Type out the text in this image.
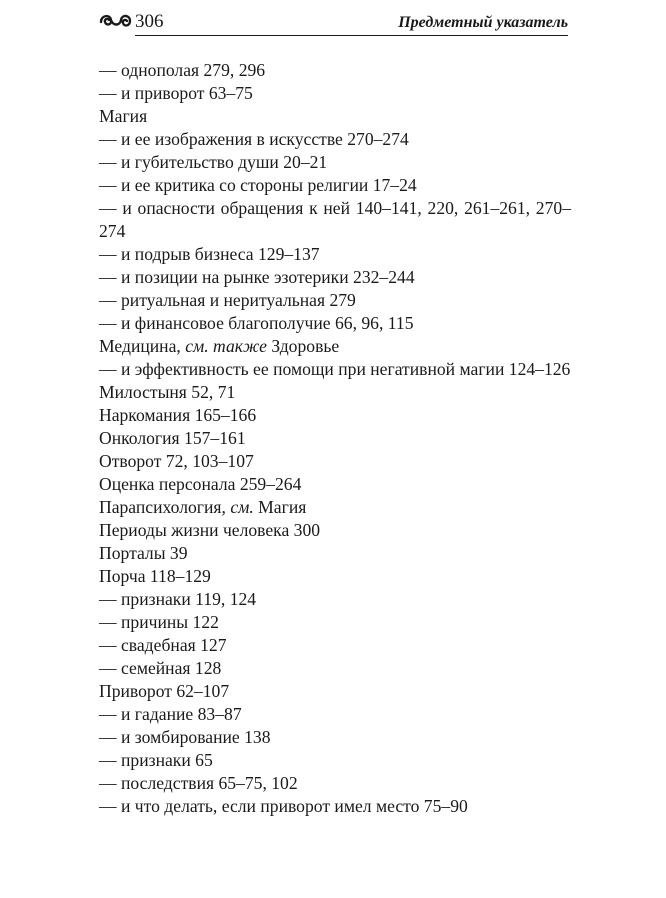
306	Предметный указатель
— однополая 279, 296
— и приворот 63–75
Магия
— и ее изображения в искусстве 270–274
— и губительство души 20–21
— и ее критика со стороны религии 17–24
— и опасности обращения к ней 140–141, 220, 261–261, 270–274
— и подрыв бизнеса 129–137
— и позиции на рынке эзотерики 232–244
— ритуальная и неритуальная 279
— и финансовое благополучие 66, 96, 115
Медицина, см. также Здоровье
— и эффективность ее помощи при негативной магии 124–126
Милостыня 52, 71
Наркомания 165–166
Онкология 157–161
Отворот 72, 103–107
Оценка персонала 259–264
Парапсихология, см. Магия
Периоды жизни человека 300
Порталы 39
Порча 118–129
— признаки 119, 124
— причины 122
— свадебная 127
— семейная 128
Приворот 62–107
— и гадание 83–87
— и зомбирование 138
— признаки 65
— последствия 65–75, 102
— и что делать, если приворот имел место 75–90
